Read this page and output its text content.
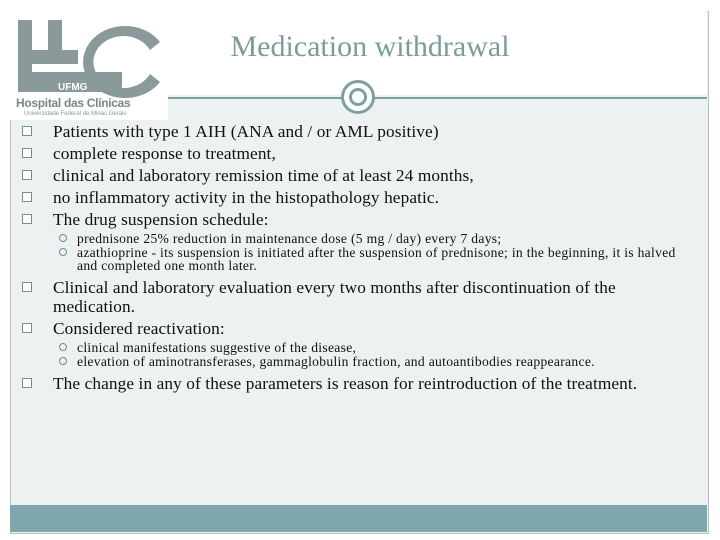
Medication withdrawal
UFMG
Hospital das Clínicas
Universidade Federal de Minas Gerais
Patients with type 1 AIH (ANA and / or AML positive)
complete response to treatment,
clinical and laboratory remission time of at least 24 months,
no inflammatory activity in the histopathology hepatic.
The drug suspension schedule:
prednisone 25% reduction in maintenance dose (5 mg / day) every 7 days;
azathioprine - its suspension is initiated after the suspension of prednisone; in the beginning, it is halved and completed one month later.
Clinical and laboratory evaluation every two months after discontinuation of the medication.
Considered reactivation:
clinical manifestations suggestive of the disease,
elevation of aminotransferases, gammaglobulin fraction, and autoantibodies reappearance.
The change in any of these parameters is reason for reintroduction of the treatment.
